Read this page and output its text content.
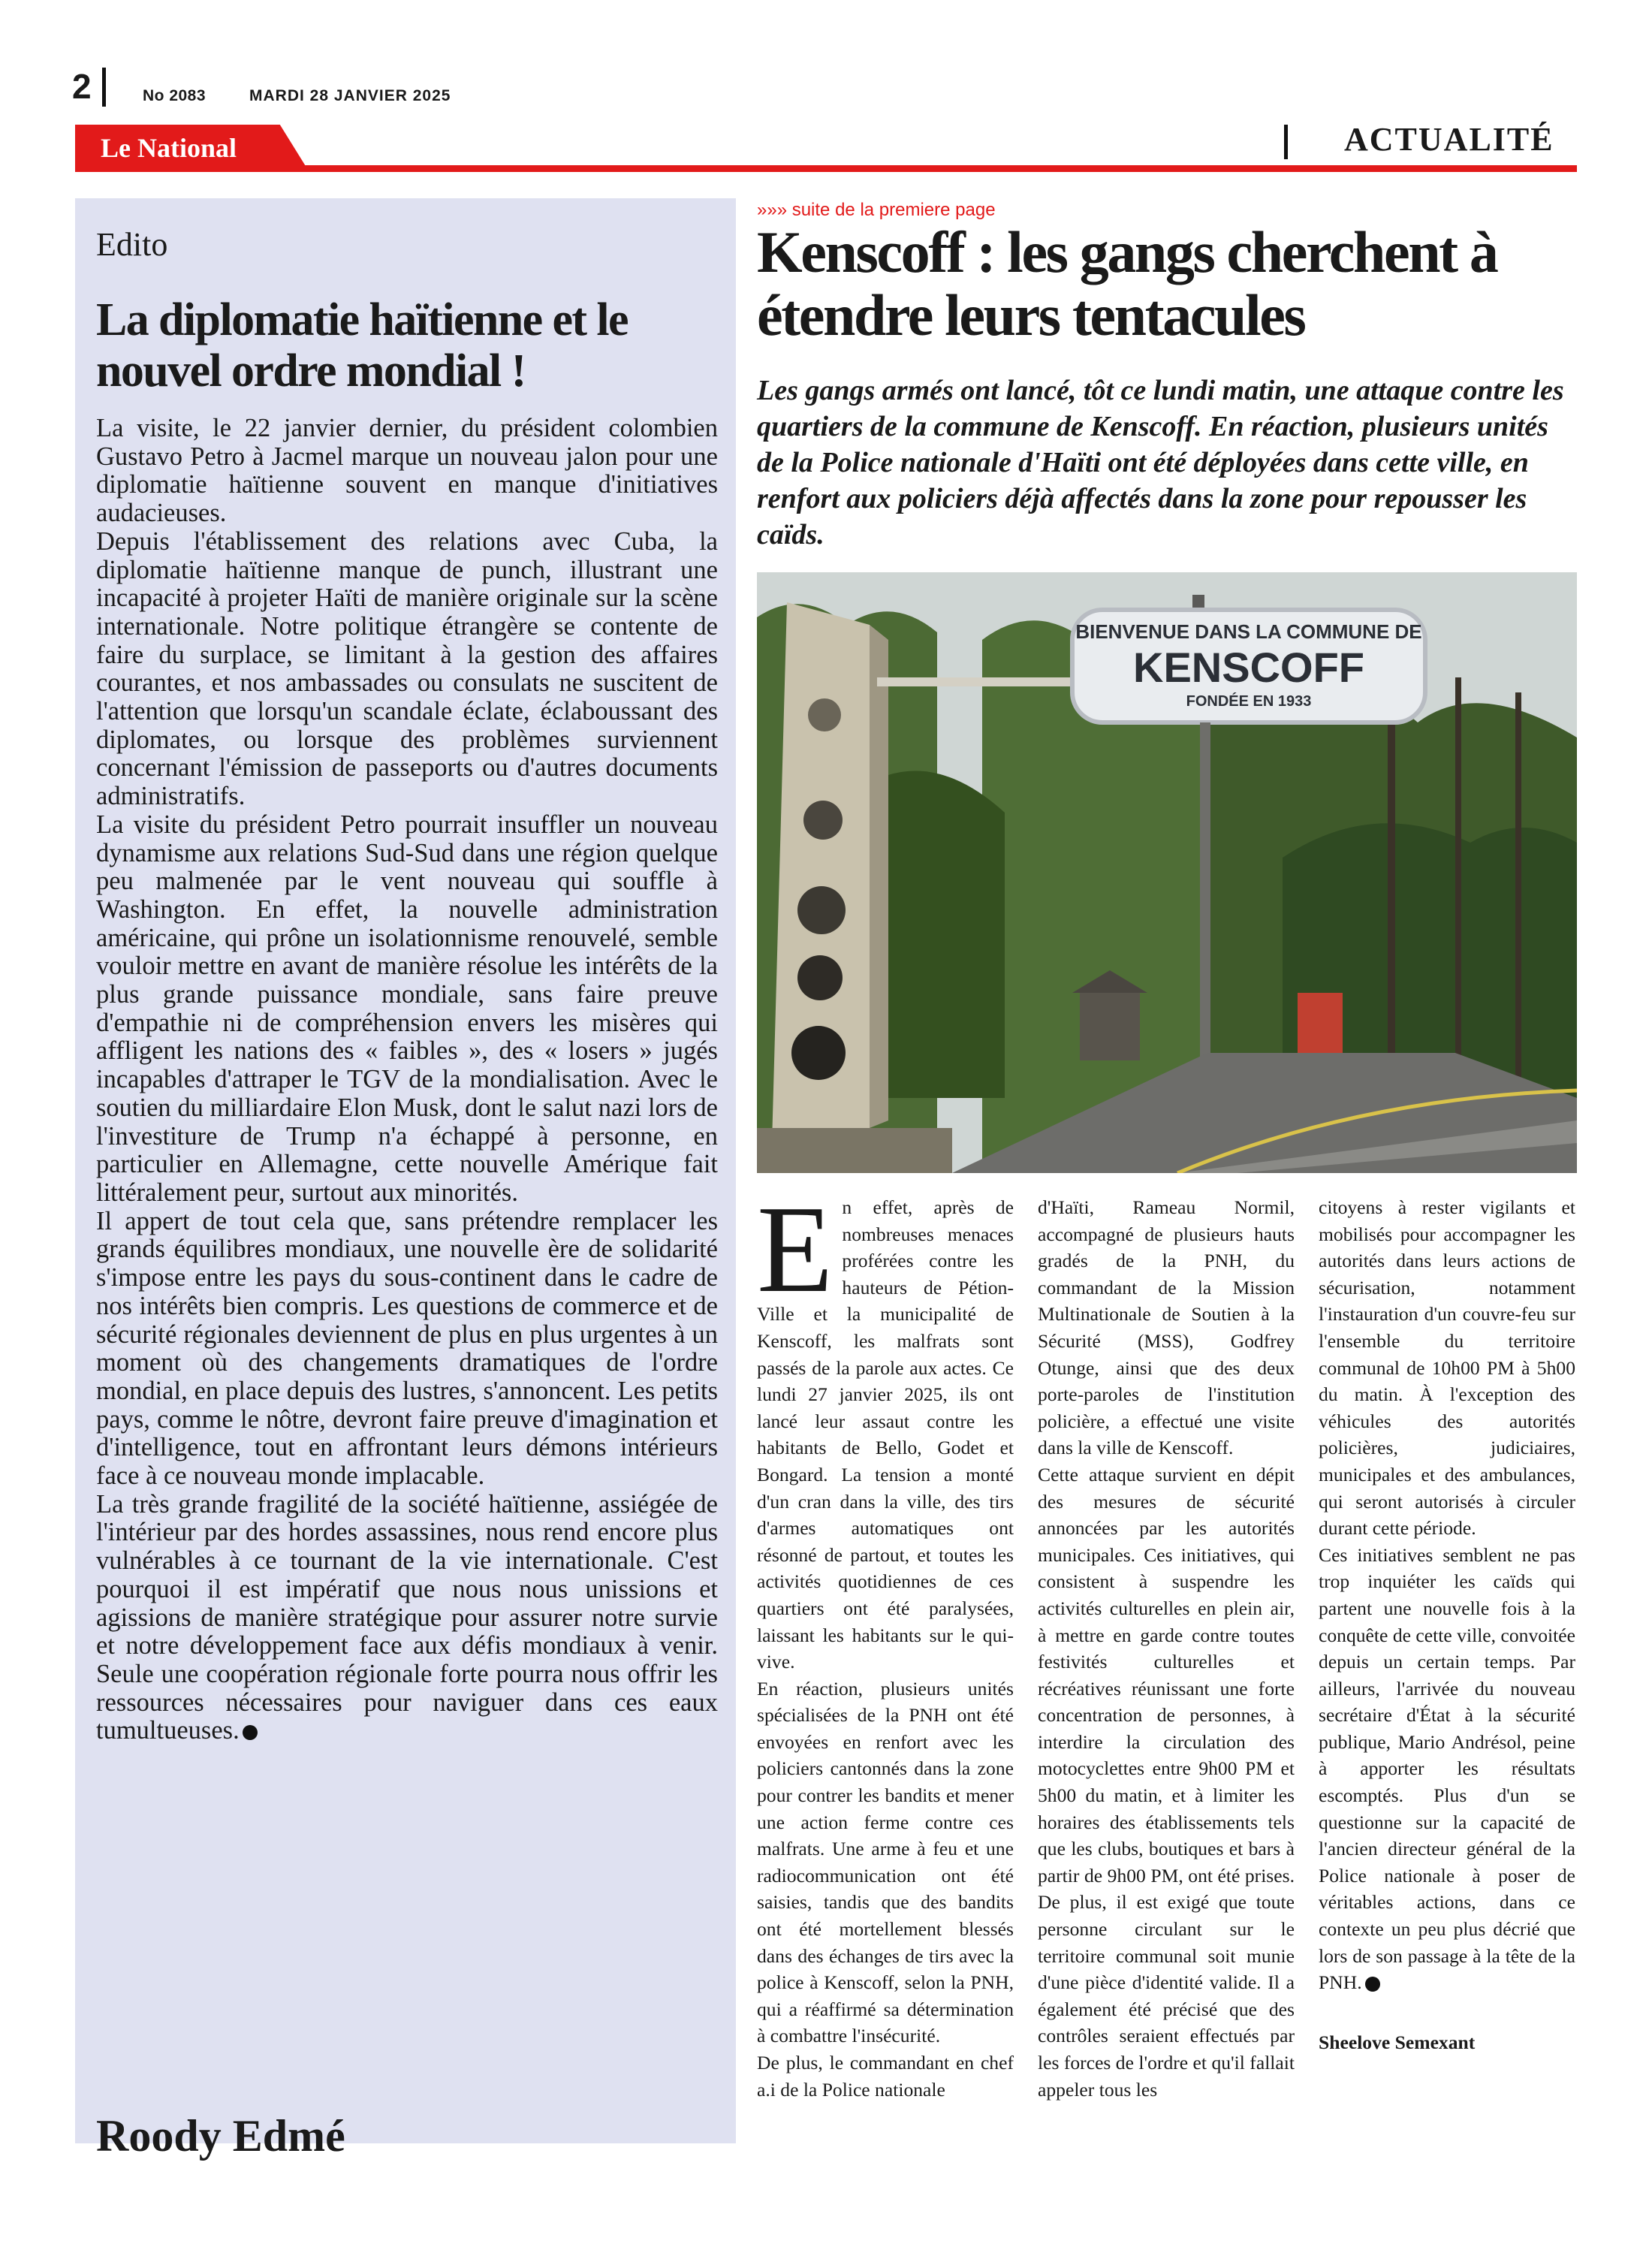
2	No 2083	MARDI 28 JANVIER 2025
Le National	ACTUALITÉ
Edito
La diplomatie haïtienne et le nouvel ordre mondial !

La visite, le 22 janvier dernier, du président colombien Gustavo Petro à Jacmel marque un nouveau jalon pour une diplomatie haïtienne souvent en manque d'initiatives audacieuses.

Depuis l'établissement des relations avec Cuba, la diplomatie haïtienne manque de punch, illustrant une incapacité à projeter Haïti de manière originale sur la scène internationale. Notre politique étrangère se contente de faire du surplace, se limitant à la gestion des affaires courantes, et nos ambassades ou consulats ne suscitent de l'attention que lorsqu'un scandale éclate, éclaboussant des diplomates, ou lorsque des problèmes surviennent concernant l'émission de passeports ou d'autres documents administratifs.

La visite du président Petro pourrait insuffler un nouveau dynamisme aux relations Sud-Sud dans une région quelque peu malmenée par le vent nouveau qui souffle à Washington. En effet, la nouvelle administration américaine, qui prône un isolationnisme renouvelé, semble vouloir mettre en avant de manière résolue les intérêts de la plus grande puissance mondiale, sans faire preuve d'empathie ni de compréhension envers les misères qui affligent les nations des « faibles », des « losers » jugés incapables d'attraper le TGV de la mondialisation. Avec le soutien du milliardaire Elon Musk, dont le salut nazi lors de l'investiture de Trump n'a échappé à personne, en particulier en Allemagne, cette nouvelle Amérique fait littéralement peur, surtout aux minorités.

Il appert de tout cela que, sans prétendre remplacer les grands équilibres mondiaux, une nouvelle ère de solidarité s'impose entre les pays du sous-continent dans le cadre de nos intérêts bien compris. Les questions de commerce et de sécurité régionales deviennent de plus en plus urgentes à un moment où des changements dramatiques de l'ordre mondial, en place depuis des lustres, s'annoncent. Les petits pays, comme le nôtre, devront faire preuve d'imagination et d'intelligence, tout en affrontant leurs démons intérieurs face à ce nouveau monde implacable.

La très grande fragilité de la société haïtienne, assiégée de l'intérieur par des hordes assassines, nous rend encore plus vulnérables à ce tournant de la vie internationale. C'est pourquoi il est impératif que nous nous unissions et agissions de manière stratégique pour assurer notre survie et notre développement face aux défis mondiaux à venir. Seule une coopération régionale forte pourra nous offrir les ressources nécessaires pour naviguer dans ces eaux tumultueuses.

Roody Edmé
»»» suite de la premiere page
Kenscoff : les gangs cherchent à étendre leurs tentacules
Les gangs armés ont lancé, tôt ce lundi matin, une attaque contre les quartiers de la commune de Kenscoff. En réaction, plusieurs unités de la Police nationale d'Haïti ont été déployées dans cette ville, en renfort aux policiers déjà affectés dans la zone pour repousser les caïds.
BIENVENUE DANS LA COMMUNE DE
KENSCOFF
FONDÉE EN 1933

En effet, après de nombreuses menaces proférées contre les hauteurs de Pétion-Ville et la municipalité de Kenscoff, les malfrats sont passés de la parole aux actes. Ce lundi 27 janvier 2025, ils ont lancé leur assaut contre les habitants de Bello, Godet et Bongard. La tension a monté d'un cran dans la ville, des tirs d'armes automatiques ont résonné de partout, et toutes les activités quotidiennes de ces quartiers ont été paralysées, laissant les habitants sur le qui-vive.

En réaction, plusieurs unités spécialisées de la PNH ont été envoyées en renfort avec les policiers cantonnés dans la zone pour contrer les bandits et mener une action ferme contre ces malfrats. Une arme à feu et une radiocommunication ont été saisies, tandis que des bandits ont été mortellement blessés dans des échanges de tirs avec la police à Kenscoff, selon la PNH, qui a réaffirmé sa détermination à combattre l'insécurité.

De plus, le commandant en chef a.i de la Police nationale

d'Haïti, Rameau Normil, accompagné de plusieurs hauts gradés de la PNH, du commandant de la Mission Multinationale de Soutien à la Sécurité (MSS), Godfrey Otunge, ainsi que des deux porte-paroles de l'institution policière, a effectué une visite dans la ville de Kenscoff.

Cette attaque survient en dépit des mesures de sécurité annoncées par les autorités municipales. Ces initiatives, qui consistent à suspendre les activités culturelles en plein air, à mettre en garde contre toutes festivités culturelles et récréatives réunissant une forte concentration de personnes, à interdire la circulation des motocyclettes entre 9h00 PM et 5h00 du matin, et à limiter les horaires des établissements tels que les clubs, boutiques et bars à partir de 9h00 PM, ont été prises. De plus, il est exigé que toute personne circulant sur le territoire communal soit munie d'une pièce d'identité valide. Il a également été précisé que des contrôles seraient effectués par les forces de l'ordre et qu'il fallait appeler tous les

citoyens à rester vigilants et mobilisés pour accompagner les autorités dans leurs actions de sécurisation, notamment l'instauration d'un couvre-feu sur l'ensemble du territoire communal de 10h00 PM à 5h00 du matin. À l'exception des véhicules des autorités policières, judiciaires, municipales et des ambulances, qui seront autorisés à circuler durant cette période.

Ces initiatives semblent ne pas trop inquiéter les caïds qui partent une nouvelle fois à la conquête de cette ville, convoitée depuis un certain temps. Par ailleurs, l'arrivée du nouveau secrétaire d'État à la sécurité publique, Mario Andrésol, peine à apporter les résultats escomptés. Plus d'un se questionne sur la capacité de l'ancien directeur général de la Police nationale à poser de véritables actions, dans ce contexte un peu plus décrié que lors de son passage à la tête de la PNH.

Sheelove Semexant
